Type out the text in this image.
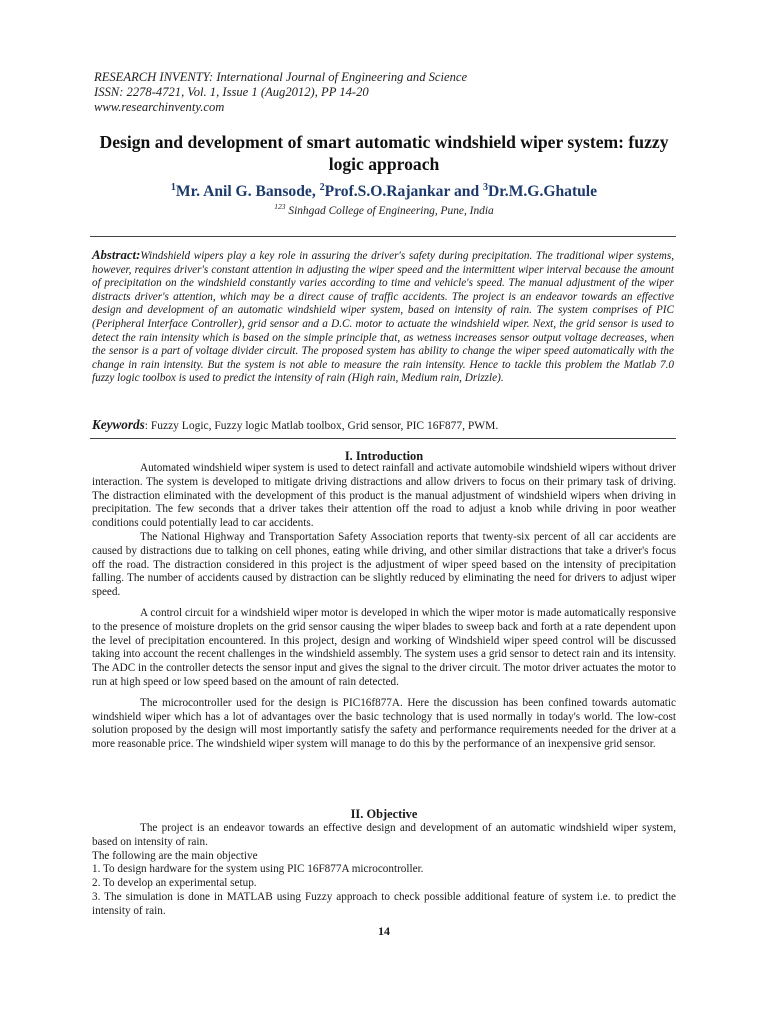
RESEARCH INVENTY: International Journal of Engineering and Science
ISSN: 2278-4721, Vol. 1, Issue 1 (Aug2012), PP 14-20
www.researchinventy.com
Design and development of smart automatic windshield wiper system: fuzzy logic approach
$^1$Mr. Anil G. Bansode, $^2$Prof.S.O.Rajankar and $^3$Dr.M.G.Ghatule
$^{123}$ Sinhgad College of Engineering, Pune, India
Abstract:Windshield wipers play a key role in assuring the driver's safety during precipitation. The traditional wiper systems, however, requires driver's constant attention in adjusting the wiper speed and the intermittent wiper interval because the amount of precipitation on the windshield constantly varies according to time and vehicle's speed. The manual adjustment of the wiper distracts driver's attention, which may be a direct cause of traffic accidents. The project is an endeavor towards an effective design and development of an automatic windshield wiper system, based on intensity of rain. The system comprises of PIC (Peripheral Interface Controller), grid sensor and a D.C. motor to actuate the windshield wiper. Next, the grid sensor is used to detect the rain intensity which is based on the simple principle that, as wetness increases sensor output voltage decreases, when the sensor is a part of voltage divider circuit. The proposed system has ability to change the wiper speed automatically with the change in rain intensity. But the system is not able to measure the rain intensity. Hence to tackle this problem the Matlab 7.0 fuzzy logic toolbox is used to predict the intensity of rain (High rain, Medium rain, Drizzle).
Keywords: Fuzzy Logic, Fuzzy logic Matlab toolbox, Grid sensor, PIC 16F877, PWM.
I. Introduction

Automated windshield wiper system is used to detect rainfall and activate automobile windshield wipers without driver interaction. The system is developed to mitigate driving distractions and allow drivers to focus on their primary task of driving. The distraction eliminated with the development of this product is the manual adjustment of windshield wipers when driving in precipitation. The few seconds that a driver takes their attention off the road to adjust a knob while driving in poor weather conditions could potentially lead to car accidents.

The National Highway and Transportation Safety Association reports that twenty-six percent of all car accidents are caused by distractions due to talking on cell phones, eating while driving, and other similar distractions that take a driver's focus off the road. The distraction considered in this project is the adjustment of wiper speed based on the intensity of precipitation falling. The number of accidents caused by distraction can be slightly reduced by eliminating the need for drivers to adjust wiper speed.

A control circuit for a windshield wiper motor is developed in which the wiper motor is made automatically responsive to the presence of moisture droplets on the grid sensor causing the wiper blades to sweep back and forth at a rate dependent upon the level of precipitation encountered. In this project, design and working of Windshield wiper speed control will be discussed taking into account the recent challenges in the windshield assembly. The system uses a grid sensor to detect rain and its intensity. The ADC in the controller detects the sensor input and gives the signal to the driver circuit. The motor driver actuates the motor to run at high speed or low speed based on the amount of rain detected.

The microcontroller used for the design is PIC16f877A. Here the discussion has been confined towards automatic windshield wiper which has a lot of advantages over the basic technology that is used normally in today's world. The low-cost solution proposed by the design will most importantly satisfy the safety and performance requirements needed for the driver at a more reasonable price. The windshield wiper system will manage to do this by the performance of an inexpensive grid sensor.

II. Objective

The project is an endeavor towards an effective design and development of an automatic windshield wiper system, based on intensity of rain.

The following are the main objective

1. To design hardware for the system using PIC 16F877A microcontroller.

2. To develop an experimental setup.

3. The simulation is done in MATLAB using Fuzzy approach to check possible additional feature of system i.e. to predict the intensity of rain.

14
